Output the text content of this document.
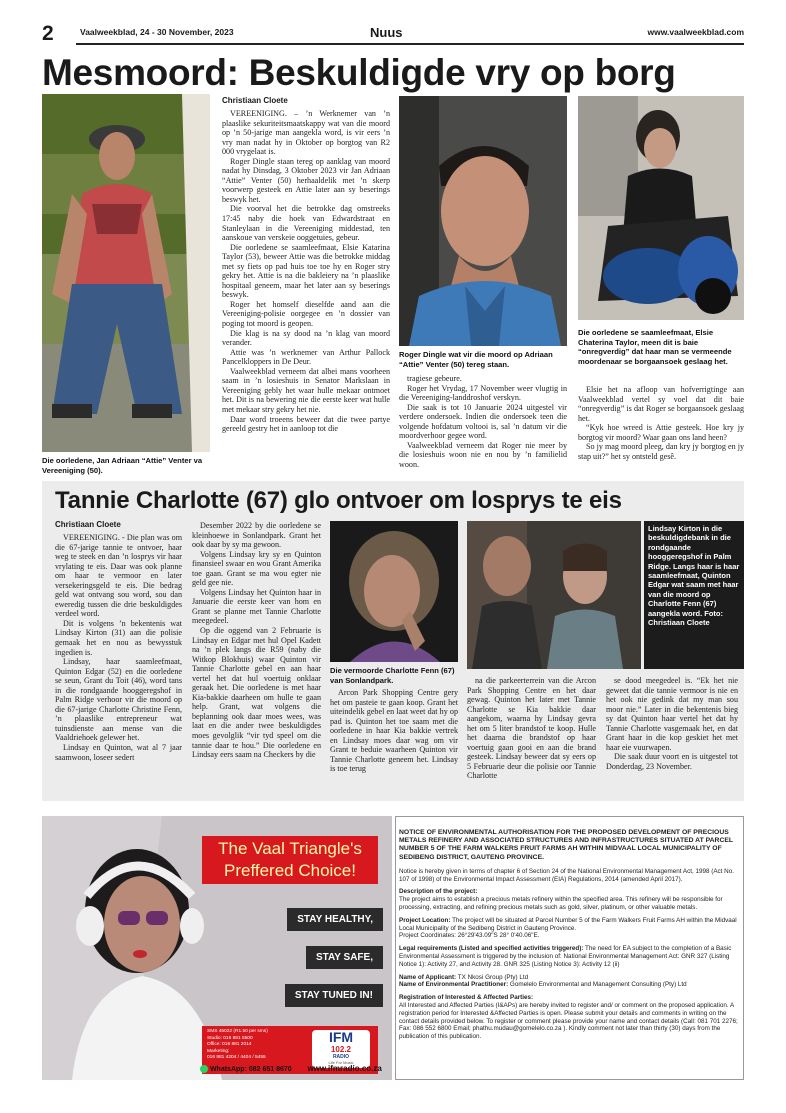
2	Vaalweekblad, 24 - 30 November, 2023	Nuus	www.vaalweekblad.com
Mesmoord: Beskuldigde vry op borg
Die oorledene, Jan Adriaan “Attie” Venter va Vereeniging (50).
Christiaan Cloete

VEREENIGING. – ’n Werknemer van ’n plaaslike sekuriteitsmaatskappy wat van die moord op ’n 50-jarige man aangekla word, is vir eers ’n vry man nadat hy in Oktober op borgtog van R2 000 vrygelaat is.

Roger Dingle staan tereg op aanklag van moord nadat hy Dinsdag, 3 Oktober 2023 vir Jan Adriaan “Attie” Venter (50) herhaaldelik met ’n skerp voorwerp gesteek en Attie later aan sy beserings beswyk het.

Die voorval het die betrokke dag omstreeks 17:45 naby die hoek van Edwardstraat en Stanleylaan in die Vereeniging middestad, ten aanskoue van verskeie ooggetuies, gebeur.

Die oorledene se saamleefmaat, Elsie Katarina Taylor (53), beweer Attie was die betrokke middag met sy fiets op pad huis toe toe hy en Roger stry gekry het. Attie is na die bakleiery na ’n plaaslike hospitaal geneem, maar het later aan sy beserings beswyk.

Roger het homself dieselfde aand aan die Vereeniging-polisie oorgegee en ’n dossier van poging tot moord is geopen.

Die klag is na sy dood na ’n klag van moord verander.

Attie was ’n werknemer van Arthur Pallock Pancelkloppers in De Deur.

Vaalweekblad verneem dat albei mans voorheen saam in ’n losieshuis in Senator Markslaan in Vereeniging gebly het waar hulle mekaar ontmoet het. Dit is na bewering nie die eerste keer wat hulle met mekaar stry gekry het nie.

Daar word troeens beweer dat die twee partye gereeld gestry het in aanloop tot die

Roger Dingle wat vir die moord op Adriaan “Attie” Venter (50) tereg staan.

tragiese gebeure.

Roger het Vrydag, 17 November weer vlugtig in die Vereeniging-landdroshof verskyn.

Die saak is tot 10 Januarie 2024 uitgestel vir verdere ondersoek. Indien die ondersoek teen die volgende hofdatum voltooi is, sal ’n datum vir die moordverhoor gegee word.

Vaalweekblad verneem dat Roger nie meer by die losieshuis woon nie en nou by ’n familielid woon.

Die oorledene se saamleefmaat, Elsie Chaterina Taylor, meen dit is baie “onregverdig” dat haar man se vermeende moordenaar se borgaansoek geslaag het.

Elsie het na afloop van hofverrigtinge aan Vaalweekblad vertel sy voel dat dit baie “onregverdig” is dat Roger se borgaansoek geslaag het.

“Kyk hoe wreed is Attie gesteek. Hoe kry jy borgtog vir moord? Waar gaan ons land heen?

So jy mag moord pleeg, dan kry jy borgtog en jy stap uit?” het sy ontsteld gesê.

Tannie Charlotte (67) glo ontvoer om losprys te eis
Christiaan Cloete

VEREENIGING. - Die plan was om die 67-jarige tannie te ontvoer, haar weg te steek en dan ’n losprys vir haar vrylating te eis. Daar was ook planne om haar te vermoor en later versekeringsgeld te eis. Die bedrag geld wat ontvang sou word, sou dan eweredig tussen die drie beskuldigdes verdeel word.

Dit is volgens ’n bekentenis wat Lindsay Kirton (31) aan die polisie gemaak het en nou as bewysstuk ingedien is.

Lindsay, haar saamleefmaat, Quinton Edgar (52) en die oorledene se seun, Grant du Toit (46), word tans in die rondgaande hooggeregshof in Palm Ridge verhoor vir die moord op die 67-jarige Charlotte Christine Fenn, ’n plaaslike entrepreneur wat tuinsdienste aan mense van die Vaaldriehoek gelewer het.

Lindsay en Quinton, wat al 7 jaar saamwoon, loseer sedert

Desember 2022 by die oorledene se kleinhoewe in Sonlandpark. Grant het ook daar by sy ma gewoon.

Volgens Lindsay kry sy en Quinton finansieel swaar en wou Grant Amerika toe gaan. Grant se ma wou egter nie geld gee nie.

Volgens Lindsay het Quinton haar in Januarie die eerste keer van hom en Grant se planne met Tannie Charlotte meegedeel.

Op die oggend van 2 Februarie is Lindsay en Edgar met hul Opel Kadett na ’n plek langs die R59 (naby die Witkop Blokhuis) waar Quinton vir Tannie Charlotte gebel en aan haar vertel het dat hul voertuig onklaar geraak het. Die oorledene is met haar Kia-bakkie daarheen om hulle te gaan help. Grant, wat volgens die beplanning ook daar moes wees, was laat en die ander twee beskuldigdes moes gevolglik “vir tyd speel om die tannie daar te hou.” Die oorledene en Lindsay eers saam na Checkers by die

Die vermoorde Charlotte Fenn (67) van Sonlandpark.

Arcon Park Shopping Centre gery het om pasteie te gaan koop. Grant het uiteindelik gebel en laat weet dat hy op pad is. Quinton het toe saam met die oorledene in haar Kia bakkie vertrek en Lindsay moes daar wag om vir Grant te beduie waarheen Quinton vir Tannie Charlotte geneem het. Lindsay is toe terug

Lindsay Kirton in die beskuldigdebank in die rondgaande hooggeregshof in Palm Ridge. Langs haar is haar saamleefmaat, Quinton Edgar wat saam met haar van die moord op Charlotte Fenn (67) aangekla word. Foto: Christiaan Cloete

na die parkeerterrein van die Arcon Park Shopping Centre en het daar gewag. Quinton het later met Tannie Charlotte se Kia bakkie daar aangekom, waarna hy Lindsay gevra het om 5 liter brandstof te koop. Hulle het daarna die brandstof op haar voertuig gaan gooi en aan die brand gesteek. Lindsay beweer dat sy eers op 5 Februarie deur die polisie oor Tannie Charlotte

se dood meegedeel is. “Ek het nie geweet dat die tannie vermoor is nie en het ook nie gedink dat my man sou moor nie.” Later in die bekentenis bieg sy dat Quinton haar vertel het dat hy Tannie Charlotte vasgemaak het, en dat Grant haar in die kop geskiet het met haar eie vuurwapen.

Die saak duur voort en is uitgestel tot Donderdag, 23 November.

The Vaal Triangle's
Preffered Choice!
STAY HEALTHY,
STAY SAFE,
STAY TUNED IN!
SMS 45022 (R1.50 per sms)
Studio: 016 881 5500
Office: 016 881 2014
Marketing:
016 881 4204 / 4404 / 5455
IFM
102.2
RADIO
Life For Music
WhatsApp: 082 651 8670 www.ifmradio.co.za
NOTICE OF ENVIRONMENTAL AUTHORISATION FOR THE PROPOSED DEVELOPMENT OF PRECIOUS METALS REFINERY AND ASSOCIATED STRUCTURES AND INFRASTRUCTURES SITUATED AT PARCEL NUMBER 5 OF THE FARM WALKERS FRUIT FARMS AH WITHIN MIDVAAL LOCAL MUNICIPALITY OF SEDIBENG DISTRICT, GAUTENG PROVINCE.

Notice is hereby given in terms of chapter 6 of Section 24 of the National Environmental Management Act, 1998 (Act No. 107 of 1998) of the Environmental Impact Assessment (EIA) Regulations, 2014 (amended April 2017).

Description of the project:
The project aims to establish a precious metals refinery within the specified area. This refinery will be responsible for processing, extracting, and refining precious metals such as gold, silver, platinum, or other valuable metals.
Project Location: The project will be situated at Parcel Number 5 of the Farm Walkers Fruit Farms AH within the Midvaal Local Municipality of the Sedibeng District in Gauteng Province.
Project Coordinates: 26°29'43.09"S 28° 0'40.06"E.
Legal requirements (Listed and specified activities triggered): The need for EA subject to the completion of a Basic Environmental Assessment is triggered by the inclusion of: National Environmental Management Act: GNR 327 (Listing Notice 1): Activity 27, and Activity 28. GNR 325 (Listing Notice 3): Activity 12 (ii)
Name of Applicant: TX Nkosi Group (Pty) Ltd
Name of Environmental Practitioner: Gomelelo Environmental and Management Consulting (Pty) Ltd
Registration of Interested & Affected Parties:
All Interested and Affected Parties (I&APs) are hereby invited to register and/ or comment on the proposed application. A registration period for Interested &Affected Parties is open. Please submit your details and comments in writing on the contact details provided below. To register or comment please provide your name and contact details (Call: 081 701 2276; Fax: 086 552 6800 Email; phathu.mudau@gomelelo.co.za ). Kindly comment not later than thirty (30) days from the publication of this publication.
